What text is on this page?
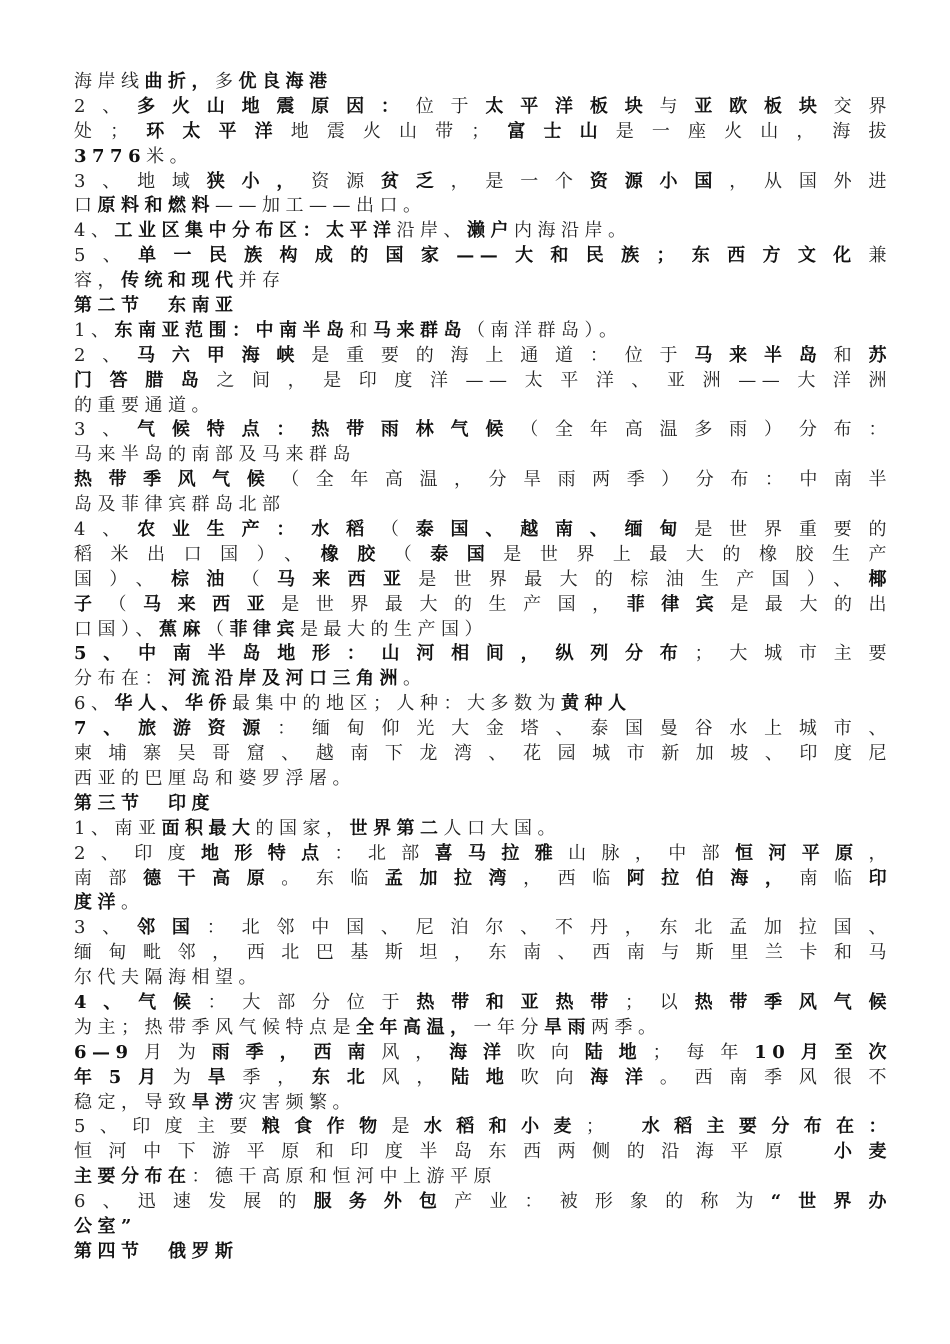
海岸线曲折，多优良海港
2、多火山地震原因：位于太平洋板块与亚欧板块交界
处；环太平洋地震火山带；富士山是一座火山，海拔
3776米。
3、地域狭小，资源贫乏，是一个资源小国，从国外进
口原料和燃料——加工——出口。
4、工业区集中分布区：太平洋沿岸、濑户内海沿岸。
5、单一民族构成的国家——大和民族；东西方文化兼
容，传统和现代并存
第二节　东南亚
1、东南亚范围：中南半岛和马来群岛（南洋群岛）。
2、马六甲海峡是重要的海上通道：位于马来半岛和苏
门答腊岛之间，是印度洋——太平洋、亚洲——大洋洲
的重要通道。
3、气候特点：热带雨林气候（全年高温多雨）分布：
马来半岛的南部及马来群岛
热带季风气候（全年高温，分旱雨两季）分布：中南半
岛及菲律宾群岛北部
4、农业生产：水稻（泰国、越南、缅甸是世界重要的
稻米出口国）、橡胶（泰国是世界上最大的橡胶生产
国）、棕油（马来西亚是世界最大的棕油生产国）、椰
子（马来西亚是世界最大的生产国，菲律宾是最大的出
口国）、蕉麻（菲律宾是最大的生产国）
5、中南半岛地形：山河相间，纵列分布；大城市主要
分布在：河流沿岸及河口三角洲。
6、华人、华侨最集中的地区；人种：大多数为黄种人
7、旅游资源：缅甸仰光大金塔、泰国曼谷水上城市、
柬埔寨吴哥窟、越南下龙湾、花园城市新加坡、印度尼
西亚的巴厘岛和婆罗浮屠。
第三节　印度
1、南亚面积最大的国家，世界第二人口大国。
2、印度地形特点：北部喜马拉雅山脉，中部恒河平原，
南部德干高原。东临孟加拉湾，西临阿拉伯海，南临印
度洋。
3、邻国：北邻中国、尼泊尔、不丹，东北孟加拉国、
缅甸毗邻，西北巴基斯坦，东南、西南与斯里兰卡和马
尔代夫隔海相望。
4、气候：大部分位于热带和亚热带；以热带季风气候
为主；热带季风气候特点是全年高温，一年分旱雨两季。
6—9月为雨季，西南风，海洋吹向陆地；每年10月至次
年5月为旱季，东北风，陆地吹向海洋。西南季风很不
稳定，导致旱涝灾害频繁。
5、印度主要粮食作物是水稻和小麦；　水稻主要分布在：
恒河中下游平原和印度半岛东西两侧的沿海平原　小麦
主要分布在：德干高原和恒河中上游平原
6、迅速发展的服务外包产业：被形象的称为“世界办
公室”
第四节　俄罗斯
